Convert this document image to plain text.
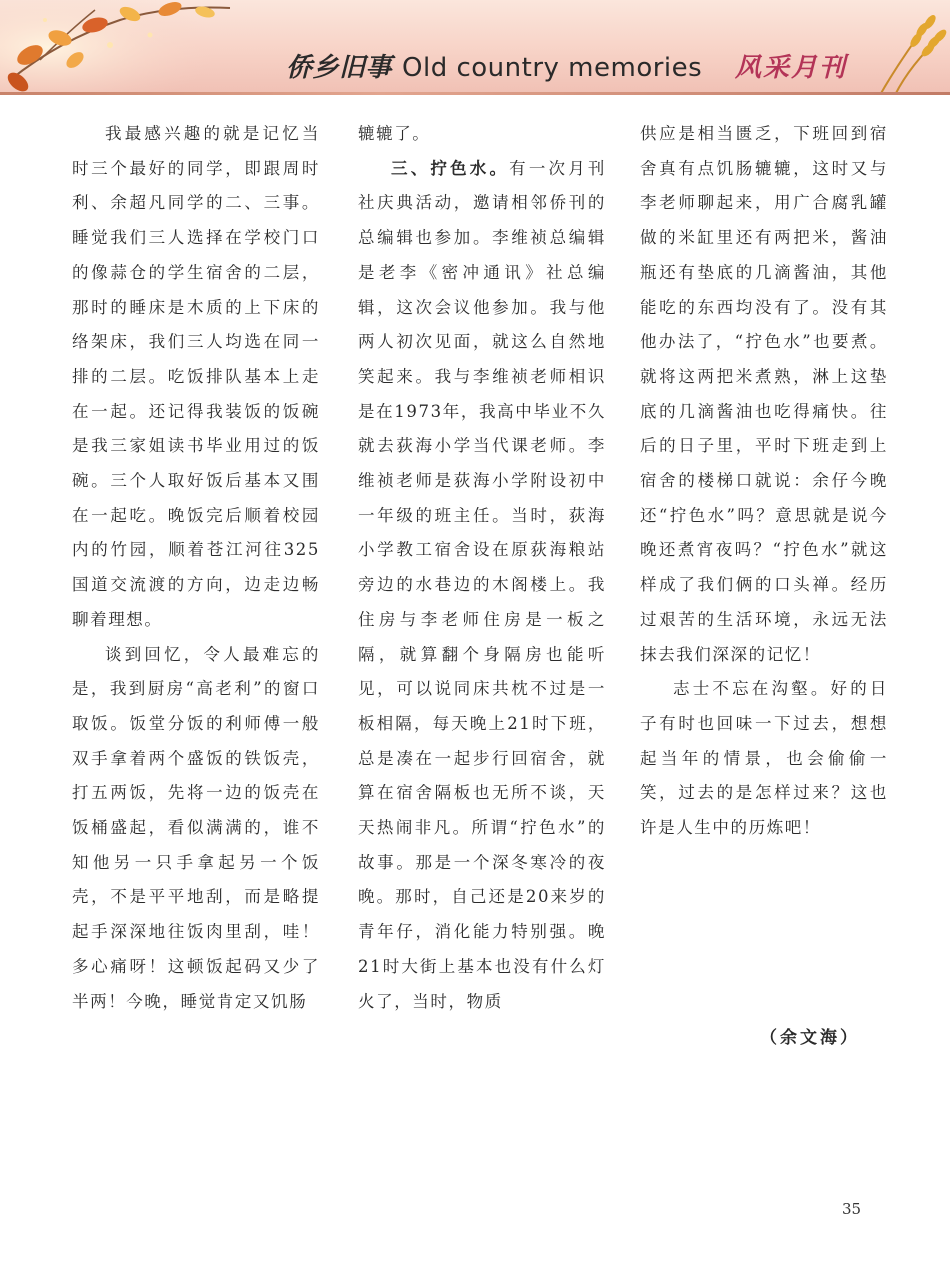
侨乡旧事 Old country memories 风采月刊

我最感兴趣的就是记忆当时三个最好的同学，即跟周时利、余超凡同学的二、三事。睡觉我们三人选择在学校门口的像蒜仓的学生宿舍的二层，那时的睡床是木质的上下床的络架床，我们三人均选在同一排的二层。吃饭排队基本上走在一起。还记得我装饭的饭碗是我三家姐读书毕业用过的饭碗。三个人取好饭后基本又围在一起吃。晚饭完后顺着校园内的竹园，顺着苍江河往325国道交流渡的方向，边走边畅聊着理想。

谈到回忆，令人最难忘的是，我到厨房“高老利”的窗口取饭。饭堂分饭的利师傅一般双手拿着两个盛饭的铁饭壳，打五两饭，先将一边的饭壳在饭桶盛起，看似满满的，谁不知他另一只手拿起另一个饭壳，不是平平地刮，而是略提起手深深地往饭肉里刮，哇！多心痛呀！这顿饭起码又少了半两！今晚，睡觉肯定又饥肠

辘辘了。

三、拧色水。有一次月刊社庆典活动，邀请相邻侨刊的总编辑也参加。李维祯总编辑是老李《密冲通讯》社总编辑，这次会议他参加。我与他两人初次见面，就这么自然地笑起来。我与李维祯老师相识是在1973年，我高中毕业不久就去荻海小学当代课老师。李维祯老师是荻海小学附设初中一年级的班主任。当时，荻海小学教工宿舍设在原荻海粮站旁边的水巷边的木阁楼上。我住房与李老师住房是一板之隔，就算翻个身隔房也能听见，可以说同床共枕不过是一板相隔，每天晚上21时下班，总是凑在一起步行回宿舍，就算在宿舍隔板也无所不谈，天天热闹非凡。所谓“拧色水”的故事。那是一个深冬寒冷的夜晚。那时，自己还是20来岁的青年仔，消化能力特别强。晚21时大街上基本也没有什么灯火了，当时，物质

供应是相当匮乏，下班回到宿舍真有点饥肠辘辘，这时又与李老师聊起来，用广合腐乳罐做的米缸里还有两把米，酱油瓶还有垫底的几滴酱油，其他能吃的东西均没有了。没有其他办法了，“拧色水”也要煮。就将这两把米煮熟，淋上这垫底的几滴酱油也吃得痛快。往后的日子里，平时下班走到上宿舍的楼梯口就说：余仔今晚还“拧色水”吗？意思就是说今晚还煮宵夜吗？“拧色水”就这样成了我们俩的口头禅。经历过艰苦的生活环境，永远无法抹去我们深深的记忆！

志士不忘在沟壑。好的日子有时也回味一下过去，想想起当年的情景，也会偷偷一笑，过去的是怎样过来？这也许是人生中的历炼吧！

（余文海）
35
